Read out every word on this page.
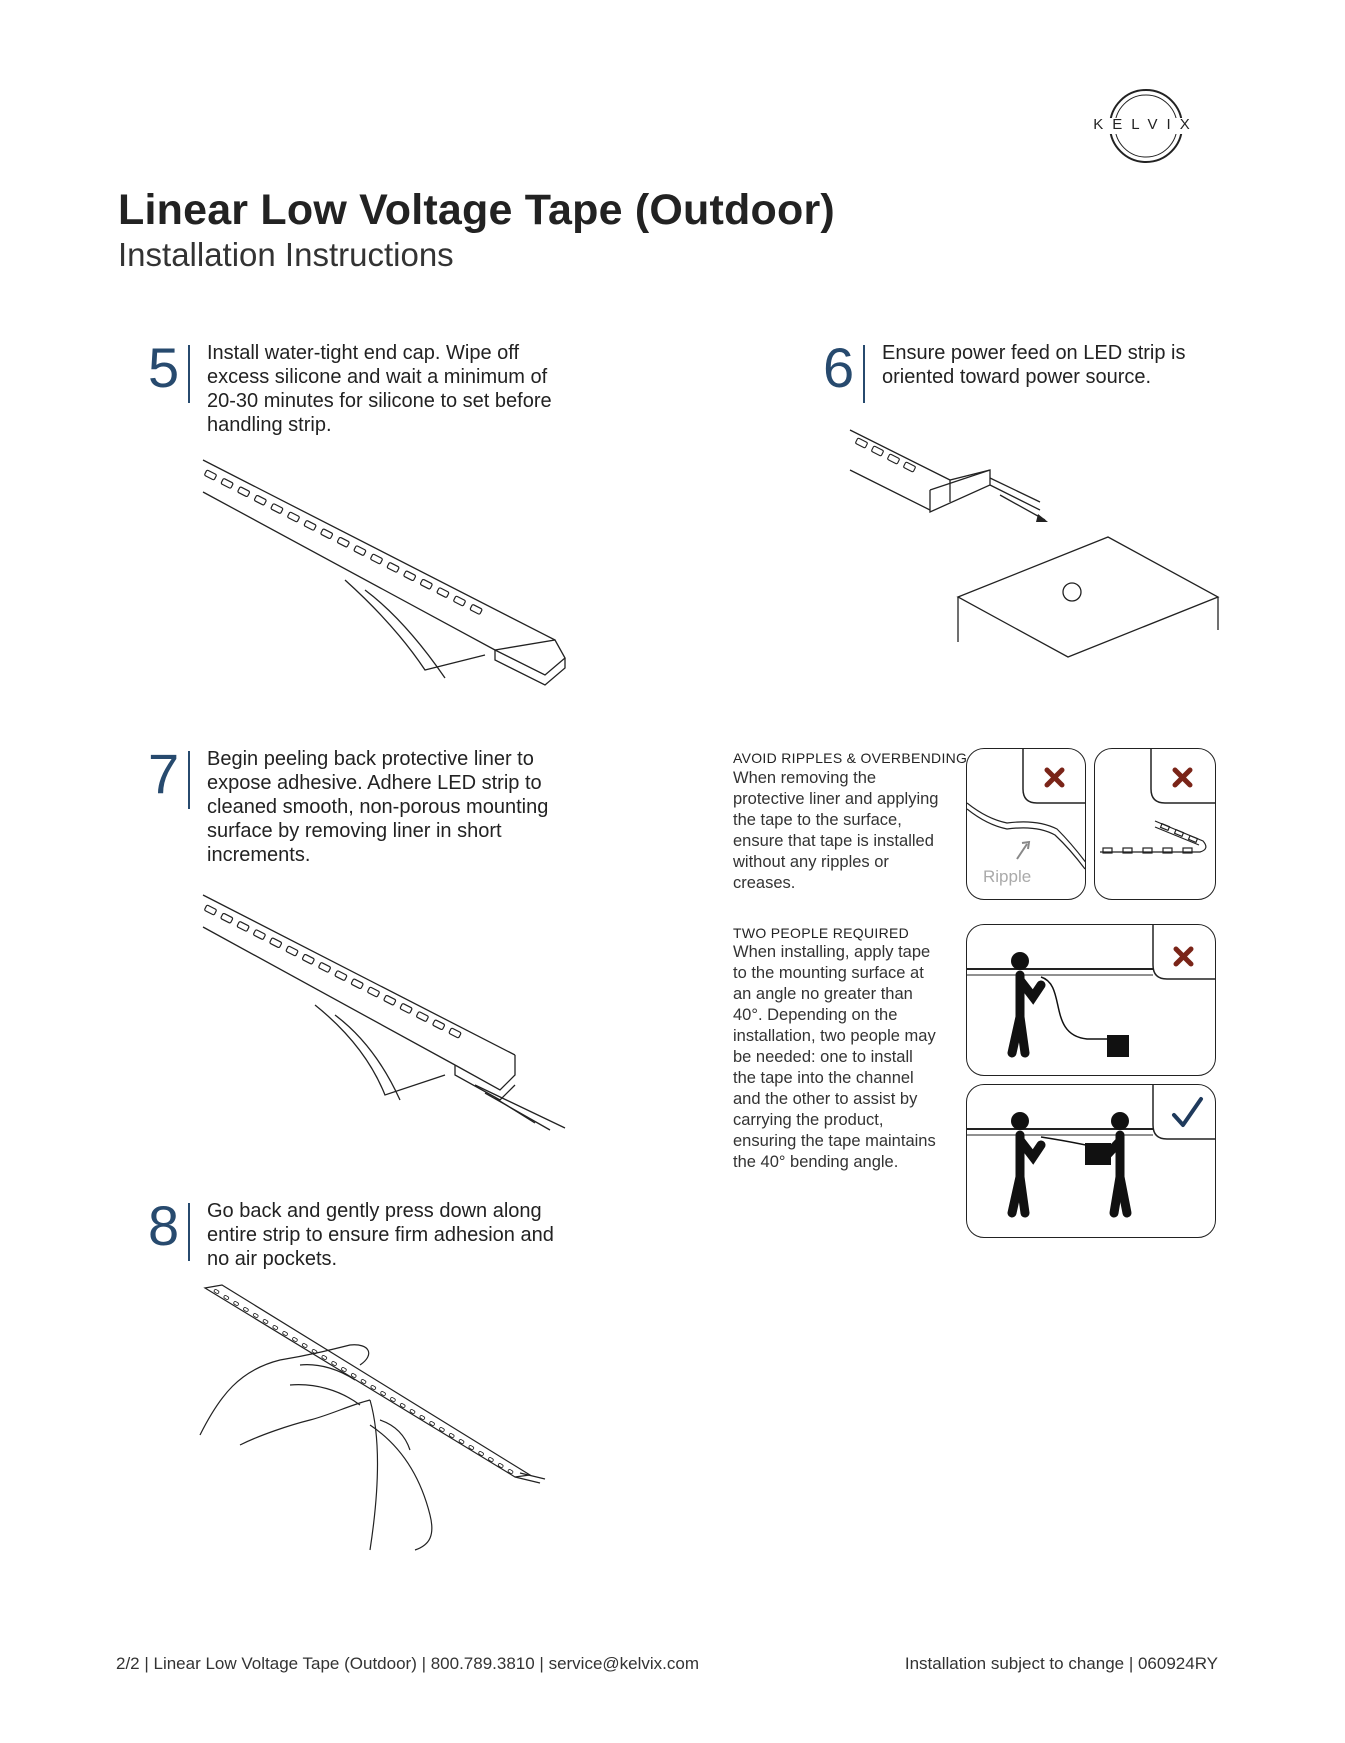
KELVIX
Linear Low Voltage Tape (Outdoor)
Installation Instructions
5 Install water-tight end cap. Wipe off excess silicone and wait a minimum of 20-30 minutes for silicone to set before handling strip.
6 Ensure power feed on LED strip is oriented toward power source.
7 Begin peeling back protective liner to expose adhesive. Adhere LED strip to cleaned smooth, non-porous mounting surface by removing liner in short increments.
8 Go back and gently press down along entire strip to ensure firm adhesion and no air pockets.
AVOID RIPPLES & OVERBENDING
When removing the protective liner and applying the tape to the surface, ensure that tape is installed without any ripples or creases.	Ripple
TWO PEOPLE REQUIRED
When installing, apply tape to the mounting surface at an angle no greater than 40°. Depending on the installation, two people may be needed: one to install the tape into the channel and the other to assist by carrying the product, ensuring the tape maintains the 40° bending angle.
2/2 | Linear Low Voltage Tape (Outdoor) | 800.789.3810 | service@kelvix.com	Installation subject to change | 060924RY
